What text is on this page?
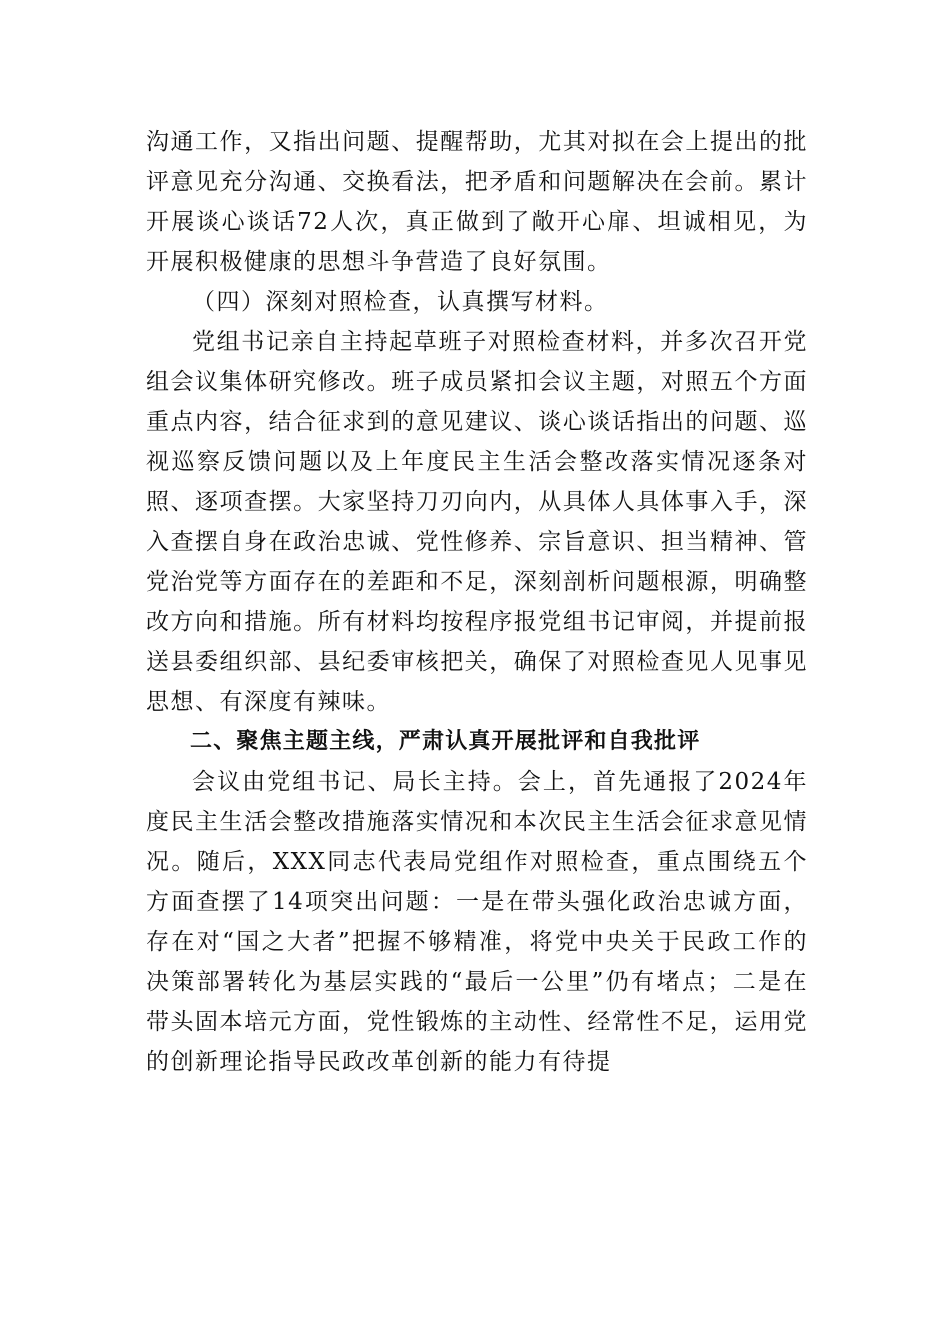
沟通工作，又指出问题、提醒帮助，尤其对拟在会上提出的批评意见充分沟通、交换看法，把矛盾和问题解决在会前。累计开展谈心谈话72人次，真正做到了敞开心扉、坦诚相见，为开展积极健康的思想斗争营造了良好氛围。

（四）深刻对照检查，认真撰写材料。

党组书记亲自主持起草班子对照检查材料，并多次召开党组会议集体研究修改。班子成员紧扣会议主题，对照五个方面重点内容，结合征求到的意见建议、谈心谈话指出的问题、巡视巡察反馈问题以及上年度民主生活会整改落实情况逐条对照、逐项查摆。大家坚持刀刃向内，从具体人具体事入手，深入查摆自身在政治忠诚、党性修养、宗旨意识、担当精神、管党治党等方面存在的差距和不足，深刻剖析问题根源，明确整改方向和措施。所有材料均按程序报党组书记审阅，并提前报送县委组织部、县纪委审核把关，确保了对照检查见人见事见思想、有深度有辣味。

二、聚焦主题主线，严肃认真开展批评和自我批评

会议由党组书记、局长主持。会上，首先通报了2024年度民主生活会整改措施落实情况和本次民主生活会征求意见情况。随后，XXX同志代表局党组作对照检查，重点围绕五个方面查摆了14项突出问题：一是在带头强化政治忠诚方面，存在对“国之大者”把握不够精准，将党中央关于民政工作的决策部署转化为基层实践的“最后一公里”仍有堵点；二是在带头固本培元方面，党性锻炼的主动性、经常性不足，运用党的创新理论指导民政改革创新的能力有待提
